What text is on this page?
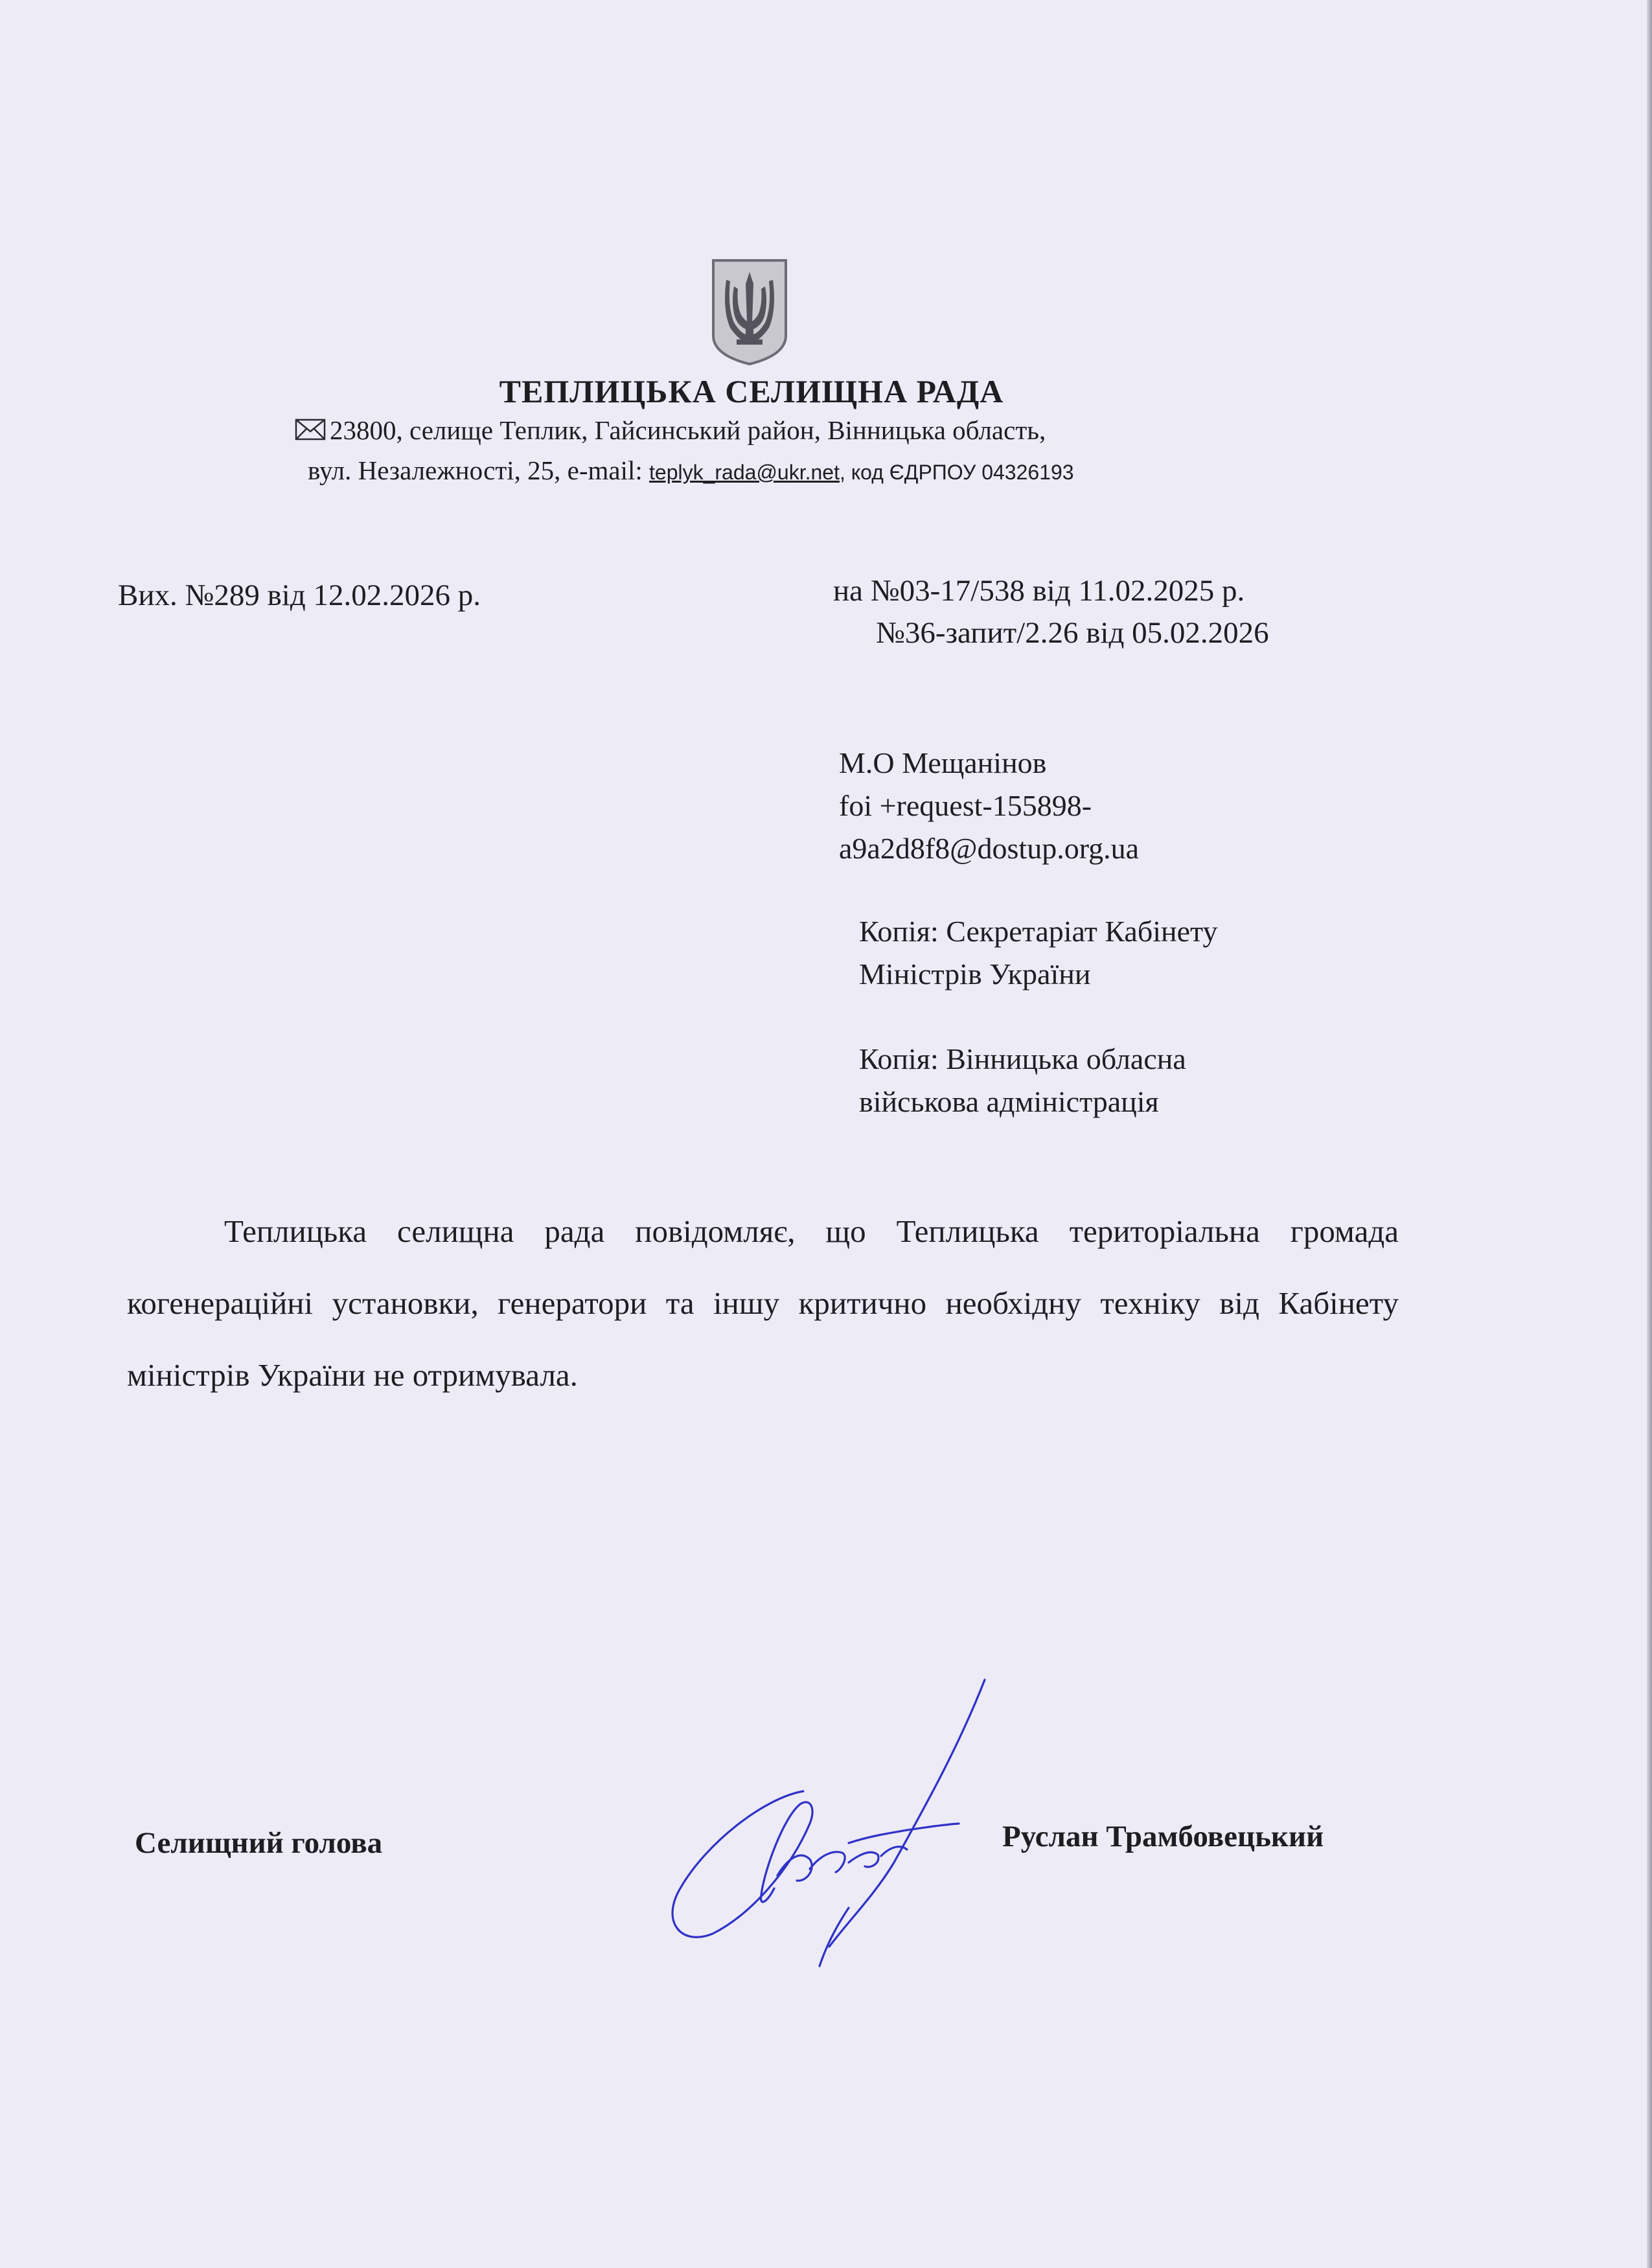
ТЕПЛИЦЬКА СЕЛИЩНА РАДА
23800, селище Теплик, Гайсинський район, Вінницька область,
вул. Незалежності, 25, е-mail: teplyk_rada@ukr.net, код ЄДРПОУ 04326193
Вих. №289 від 12.02.2026 р.	на №03-17/538 від 11.02.2025 р.
№36-запит/2.26 від 05.02.2026
М.О Мещанінов
foi +request-155898-
a9a2d8f8@dostup.org.ua
Копія: Секретаріат Кабінету
Міністрів України
Копія: Вінницька обласна
військова адміністрація
Теплицька селищна рада повідомляє, що Теплицька територіальна громада когенераційні установки, генератори та іншу критично необхідну техніку від Кабінету міністрів України не отримувала.
Селищний голова	Руслан Трамбовецький
